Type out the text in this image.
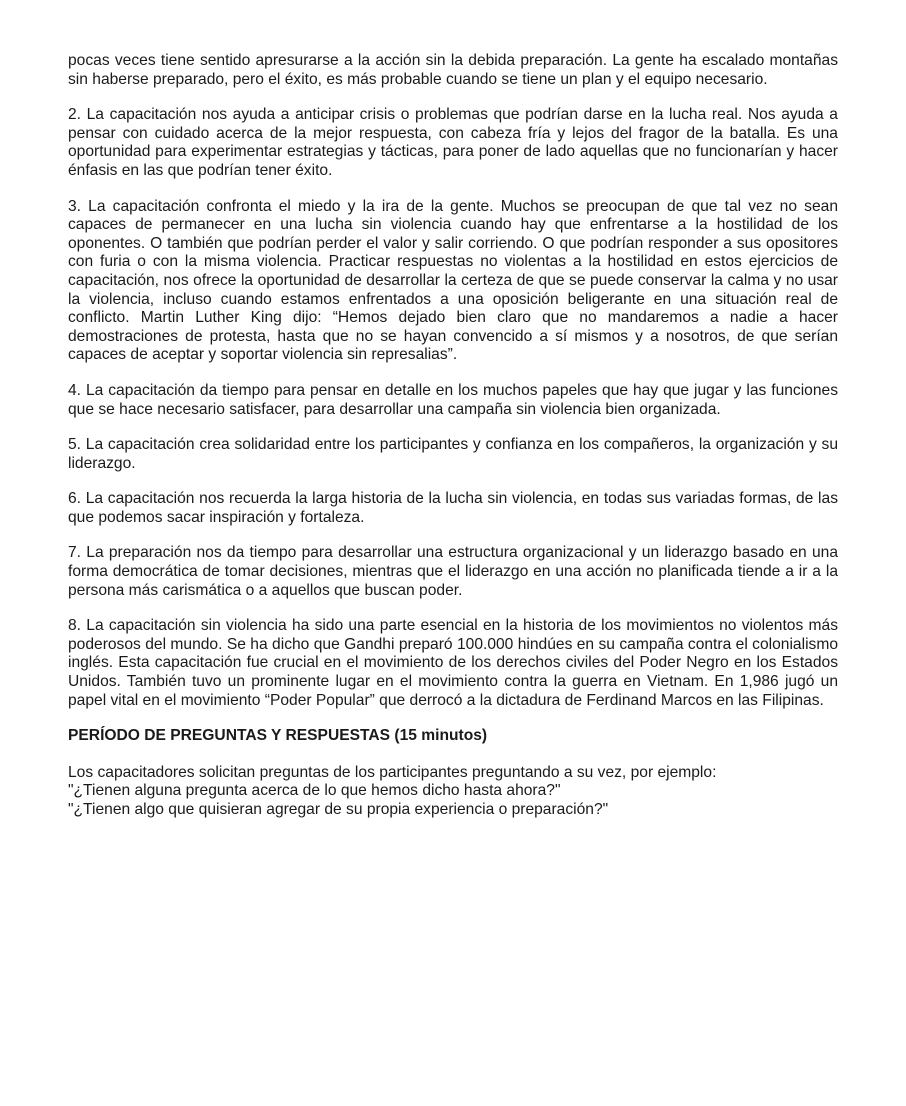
pocas veces tiene sentido apresurarse a la acción sin la debida preparación. La gente ha escalado montañas sin haberse preparado, pero el éxito, es más probable cuando se tiene un plan y el equipo necesario.

2. La capacitación nos ayuda a anticipar crisis o problemas que podrían darse en la lucha real. Nos ayuda a pensar con cuidado acerca de la mejor respuesta, con cabeza fría y lejos del fragor de la batalla. Es una oportunidad para experimentar estrategias y tácticas, para poner de lado aquellas que no funcionarían y hacer énfasis en las que podrían tener éxito.

3. La capacitación confronta el miedo y la ira de la gente. Muchos se preocupan de que tal vez no sean capaces de permanecer en una lucha sin violencia cuando hay que enfrentarse a la hostilidad de los oponentes. O también que podrían perder el valor y salir corriendo. O que podrían responder a sus opositores con furia o con la misma violencia. Practicar respuestas no violentas a la hostilidad en estos ejercicios de capacitación, nos ofrece la oportunidad de desarrollar la certeza de que se puede conservar la calma y no usar la violencia, incluso cuando estamos enfrentados a una oposición beligerante en una situación real de conflicto. Martin Luther King dijo: “Hemos dejado bien claro que no mandaremos a nadie a hacer demostraciones de protesta, hasta que no se hayan convencido a sí mismos y a nosotros, de que serían capaces de aceptar y soportar violencia sin represalias”.

4. La capacitación da tiempo para pensar en detalle en los muchos papeles que hay que jugar y las funciones que se hace necesario satisfacer, para desarrollar una campaña sin violencia bien organizada.

5. La capacitación crea solidaridad entre los participantes y confianza en los compañeros, la organización y su liderazgo.

6. La capacitación nos recuerda la larga historia de la lucha sin violencia, en todas sus variadas formas, de las que podemos sacar inspiración y fortaleza.

7. La preparación nos da tiempo para desarrollar una estructura organizacional y un liderazgo basado en una forma democrática de tomar decisiones, mientras que el liderazgo en una acción no planificada tiende a ir a la persona más carismática o a aquellos que buscan poder.

8. La capacitación sin violencia ha sido una parte esencial en la historia de los movimientos no violentos más poderosos del mundo. Se ha dicho que Gandhi preparó 100.000 hindúes en su campaña contra el colonialismo inglés. Esta capacitación fue crucial en el movimiento de los derechos civiles del Poder Negro en los Estados Unidos. También tuvo un prominente lugar en el movimiento contra la guerra en Vietnam. En 1,986 jugó un papel vital en el movimiento “Poder Popular” que derrocó a la dictadura de Ferdinand Marcos en las Filipinas.

PERÍODO DE PREGUNTAS Y RESPUESTAS (15 minutos)

Los capacitadores solicitan preguntas de los participantes preguntando a su vez, por ejemplo:
"¿Tienen alguna pregunta acerca de lo que hemos dicho hasta ahora?"
"¿Tienen algo que quisieran agregar de su propia experiencia o preparación?"
